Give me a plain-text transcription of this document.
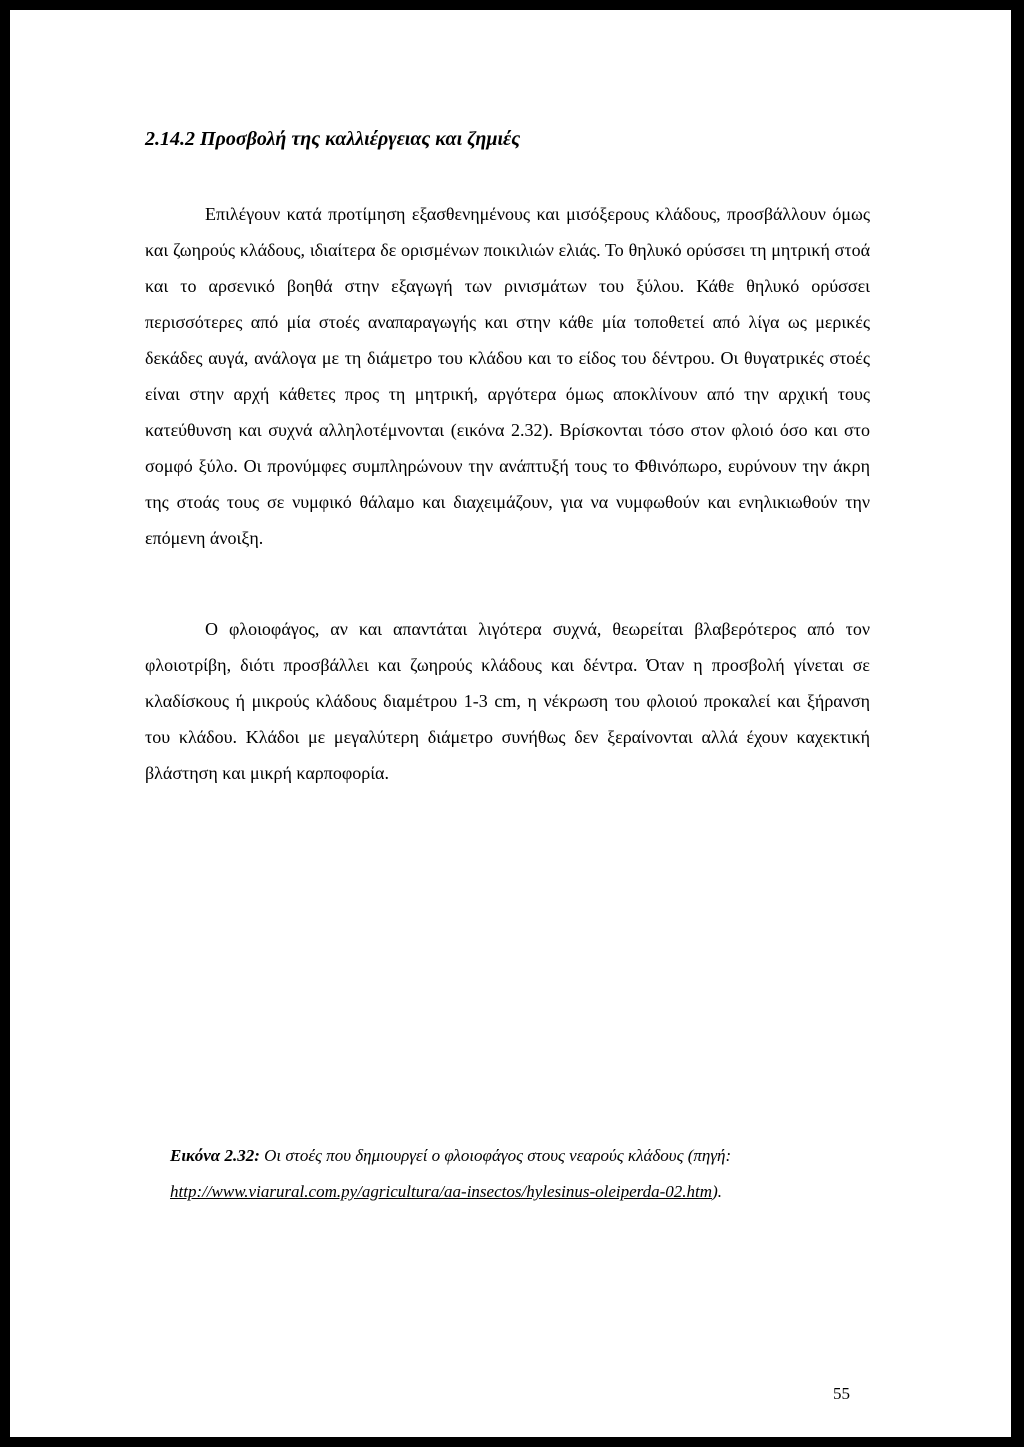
2.14.2 Προσβολή της καλλιέργειας και ζημιές

Επιλέγουν κατά προτίμηση εξασθενημένους και μισόξερους κλάδους, προσβάλλουν όμως και ζωηρούς κλάδους, ιδιαίτερα δε ορισμένων ποικιλιών ελιάς. Το θηλυκό ορύσσει τη μητρική στοά και το αρσενικό βοηθά στην εξαγωγή των ρινισμάτων του ξύλου. Κάθε θηλυκό ορύσσει περισσότερες από μία στοές αναπαραγωγής και στην κάθε μία τοποθετεί από λίγα ως μερικές δεκάδες αυγά, ανάλογα με τη διάμετρο του κλάδου και το είδος του δέντρου. Οι θυγατρικές στοές είναι στην αρχή κάθετες προς τη μητρική, αργότερα όμως αποκλίνουν από την αρχική τους κατεύθυνση και συχνά αλληλοτέμνονται (εικόνα 2.32). Βρίσκονται τόσο στον φλοιό όσο και στο σομφό ξύλο. Οι προνύμφες συμπληρώνουν την ανάπτυξή τους το Φθινόπωρο, ευρύνουν την άκρη της στοάς τους σε νυμφικό θάλαμο και διαχειμάζουν, για να νυμφωθούν και ενηλικιωθούν την επόμενη άνοιξη.

Ο φλοιοφάγος, αν και απαντάται λιγότερα συχνά, θεωρείται βλαβερότερος από τον φλοιοτρίβη, διότι προσβάλλει και ζωηρούς κλάδους και δέντρα. Όταν η προσβολή γίνεται σε κλαδίσκους ή μικρούς κλάδους διαμέτρου 1-3 cm, η νέκρωση του φλοιού προκαλεί και ξήρανση του κλάδου. Κλάδοι με μεγαλύτερη διάμετρο συνήθως δεν ξεραίνονται αλλά έχουν καχεκτική βλάστηση και μικρή καρποφορία.

Εικόνα 2.32: Οι στοές που δημιουργεί ο φλοιοφάγος στους νεαρούς κλάδους (πηγή: http://www.viarural.com.py/agricultura/aa-insectos/hylesinus-oleiperda-02.htm).

55
